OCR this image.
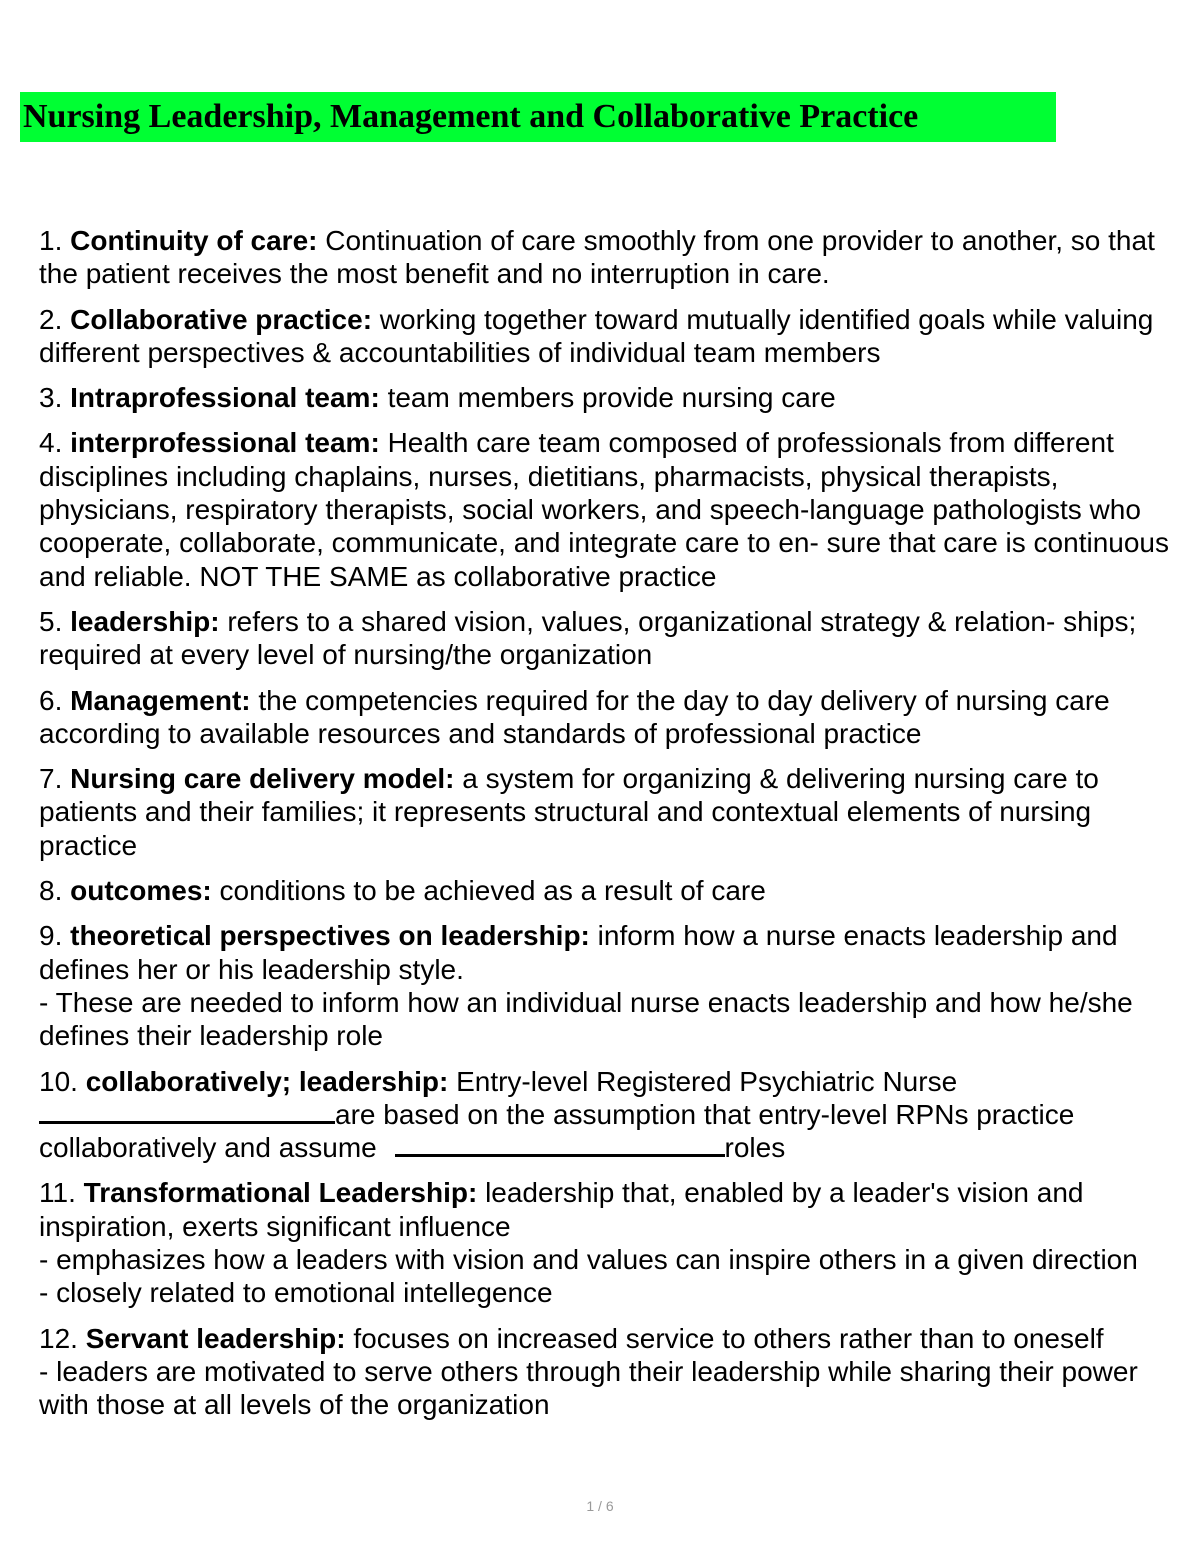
Nursing Leadership, Management and Collaborative Practice
1. Continuity of care: Continuation of care smoothly from one provider to another, so that the patient receives the most benefit and no interruption in care.
2. Collaborative practice: working together toward mutually identified goals while valuing different perspectives & accountabilities of individual team members
3. Intraprofessional team: team members provide nursing care
4. interprofessional team: Health care team composed of professionals from different disciplines including chaplains, nurses, dietitians, pharmacists, physical therapists, physicians, respiratory therapists, social workers, and speech-language pathologists who cooperate, collaborate, communicate, and integrate care to en- sure that care is continuous and reliable. NOT THE SAME as collaborative practice
5. leadership: refers to a shared vision, values, organizational strategy & relation- ships; required at every level of nursing/the organization
6. Management: the competencies required for the day to day delivery of nursing care according to available resources and standards of professional practice
7. Nursing care delivery model: a system for organizing & delivering nursing care to patients and their families; it represents structural and contextual elements of nursing practice
8. outcomes: conditions to be achieved as a result of care
9. theoretical perspectives on leadership: inform how a nurse enacts leadership and defines her or his leadership style.
- These are needed to inform how an individual nurse enacts leadership and how he/she defines their leadership role
10. collaboratively; leadership: Entry-level Registered Psychiatric Nurse
are based on the assumption that entry-level RPNs practice collaboratively and assume	roles
11. Transformational Leadership: leadership that, enabled by a leader's vision and inspiration, exerts significant influence
- emphasizes how a leaders with vision and values can inspire others in a given direction
- closely related to emotional intellegence
12. Servant leadership: focuses on increased service to others rather than to oneself
- leaders are motivated to serve others through their leadership while sharing their power with those at all levels of the organization
1 / 6
